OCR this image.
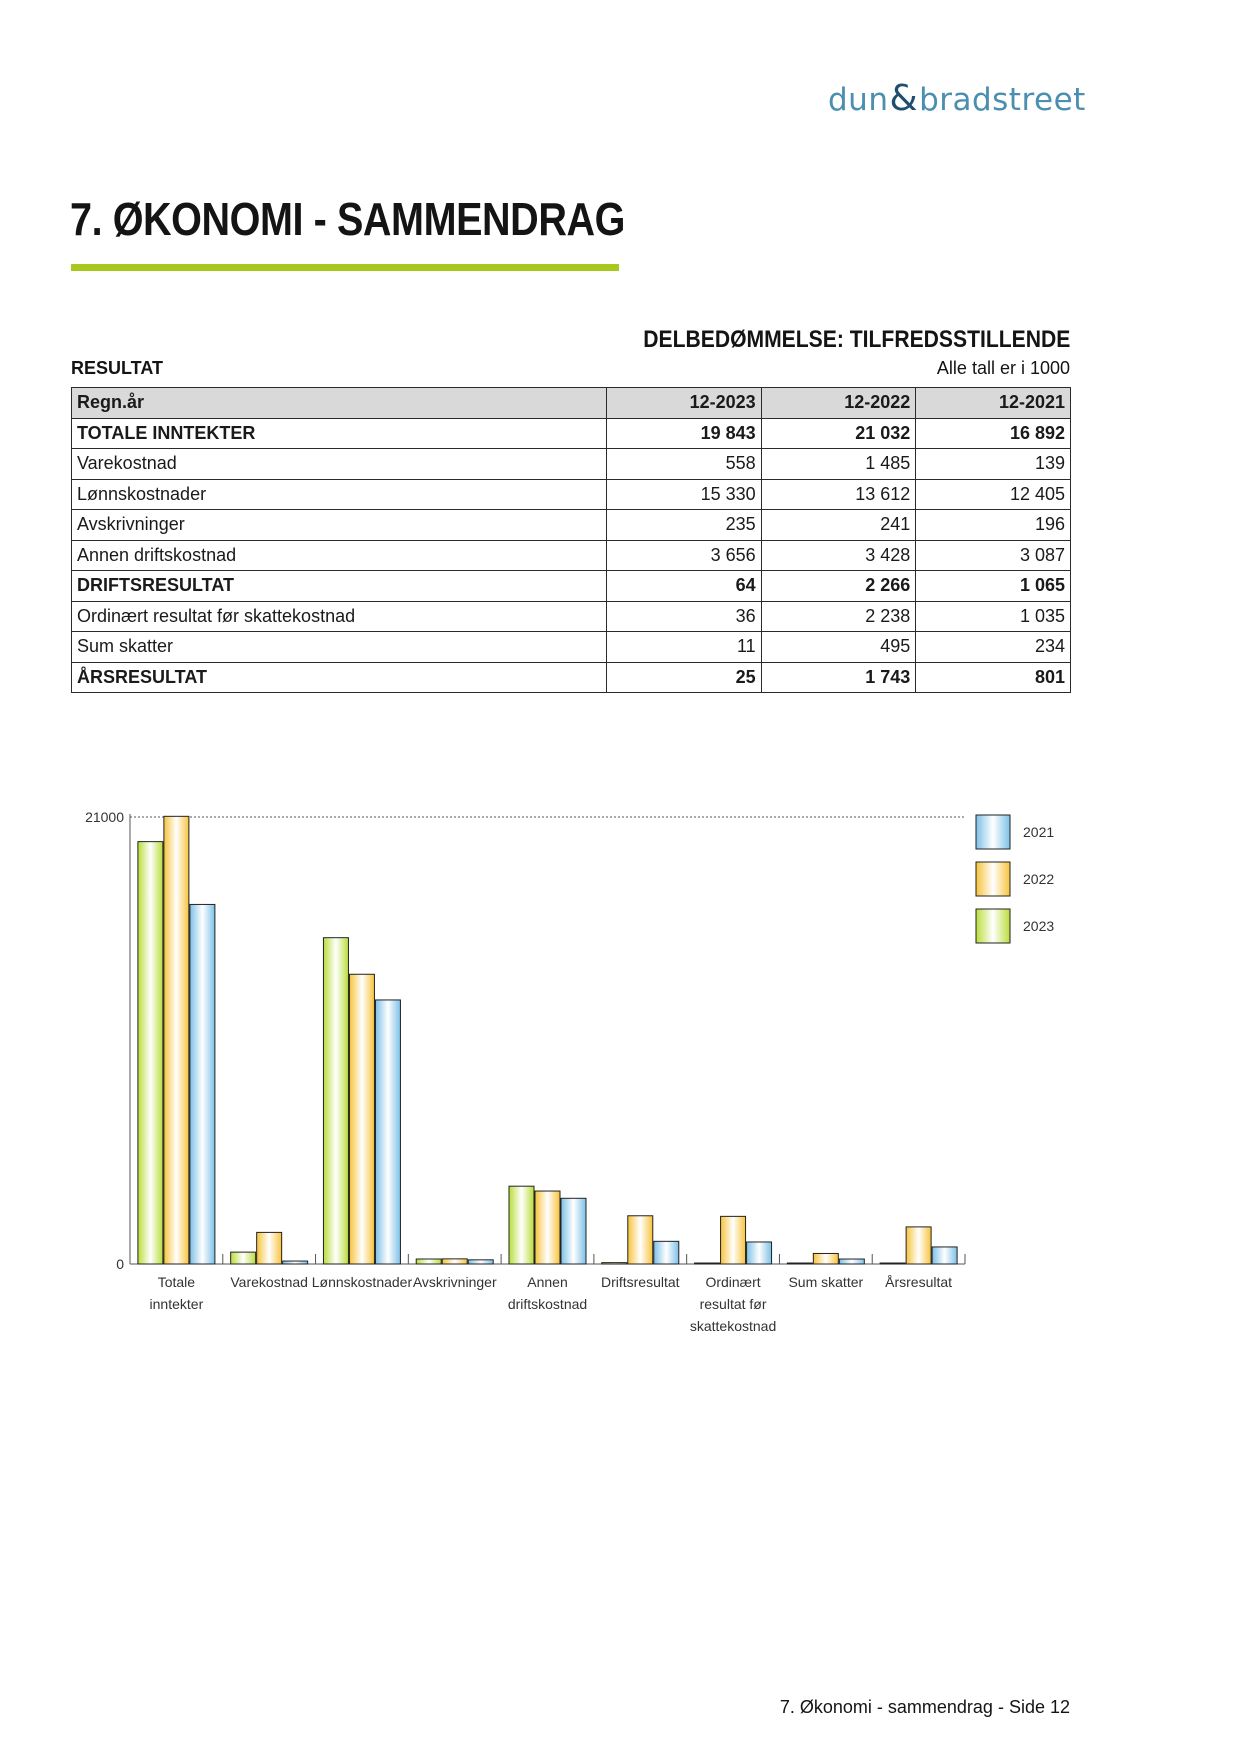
dun&bradstreet
7. ØKONOMI - SAMMENDRAG
DELBEDØMMELSE: TILFREDSSTILLENDE
RESULTAT	Alle tall er i 1000
Regn.år	12-2023	12-2022	12-2021
TOTALE INNTEKTER	19 843	21 032	16 892
Varekostnad	558	1 485	139
Lønnskostnader	15 330	13 612	12 405
Avskrivninger	235	241	196
Annen driftskostnad	3 656	3 428	3 087
DRIFTSRESULTAT	64	2 266	1 065
Ordinært resultat før skattekostnad	36	2 238	1 035
Sum skatter	11	495	234
ÅRSRESULTAT	25	1 743	801
0
21000
Totale
inntekter
Varekostnad Lønnskostnader Avskrivninger Annen
driftskostnad
Driftsresultat Ordinært
resultat før
skattekostnad
Sum skatter Årsresultat
2021
2022
2023
7. Økonomi - sammendrag - Side 12
